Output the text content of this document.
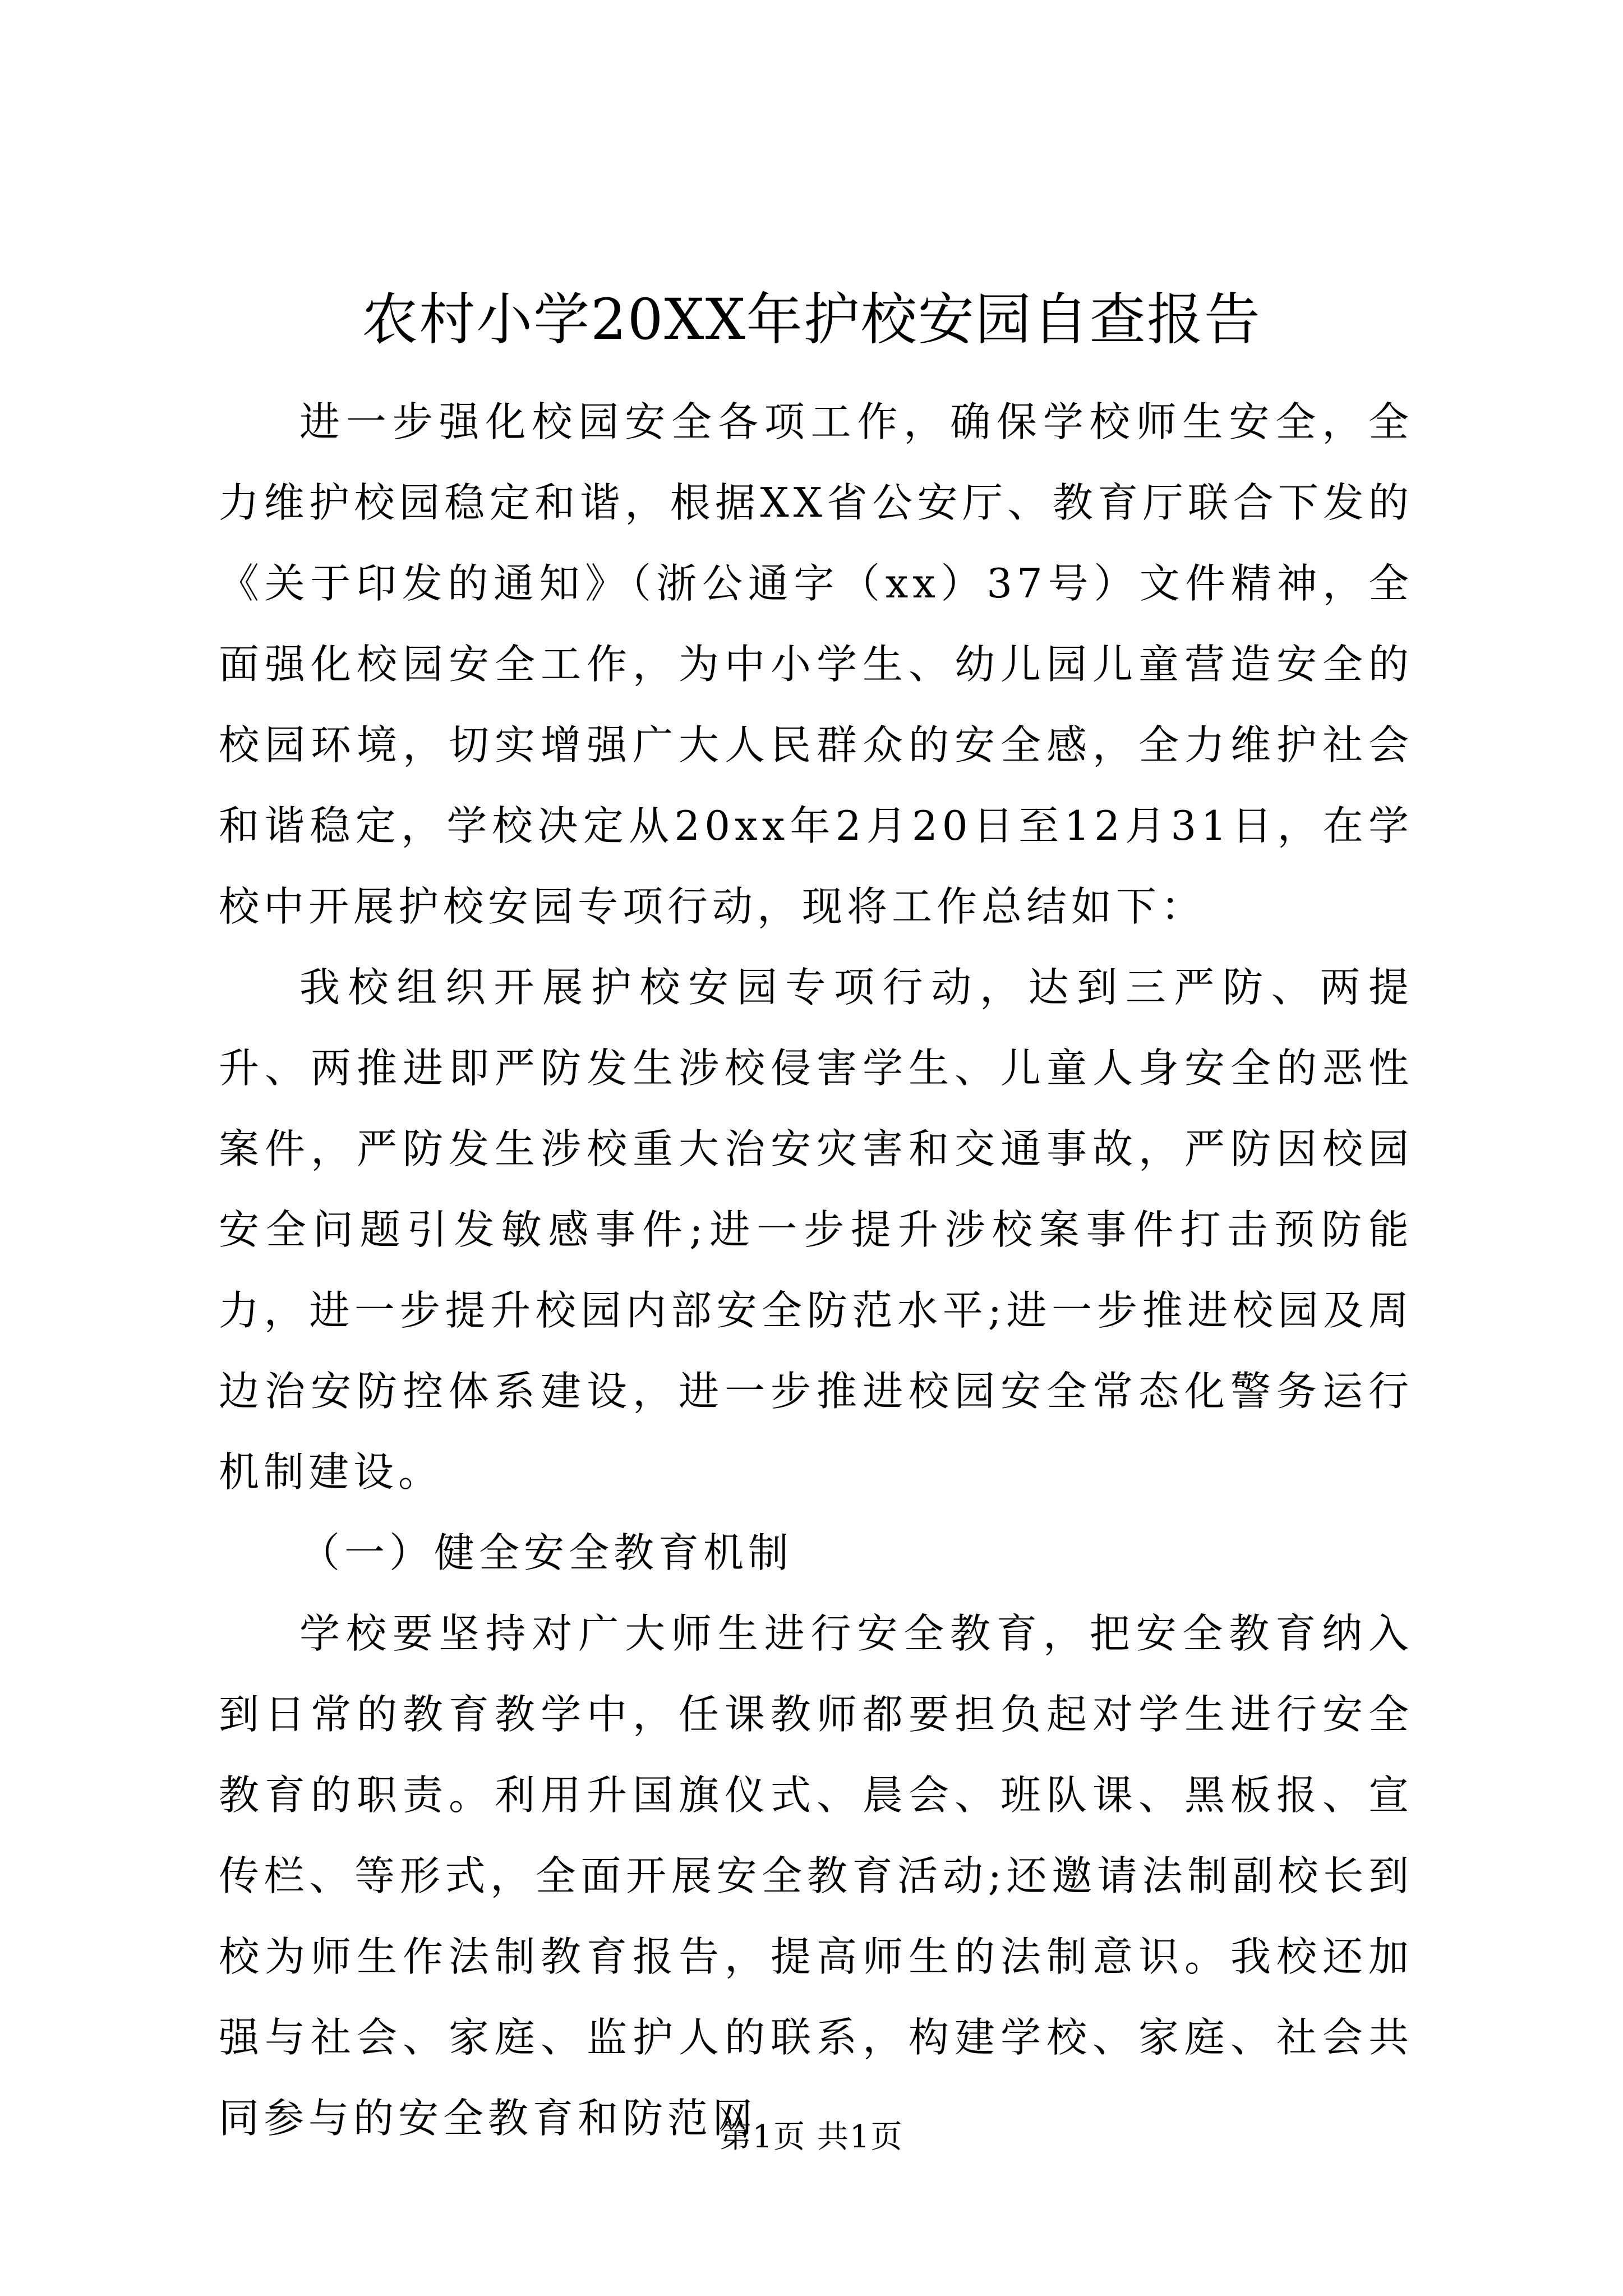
农村小学20XX年护校安园自查报告

进一步强化校园安全各项工作，确保学校师生安全，全力维护校园稳定和谐，根据XX省公安厅、教育厅联合下发的《关于印发的通知》（浙公通字（xx）37号）文件精神，全面强化校园安全工作，为中小学生、幼儿园儿童营造安全的校园环境，切实增强广大人民群众的安全感，全力维护社会和谐稳定，学校决定从20xx年2月20日至12月31日，在学校中开展护校安园专项行动，现将工作总结如下：

我校组织开展护校安园专项行动，达到三严防、两提升、两推进即严防发生涉校侵害学生、儿童人身安全的恶性案件，严防发生涉校重大治安灾害和交通事故，严防因校园安全问题引发敏感事件;进一步提升涉校案事件打击预防能力，进一步提升校园内部安全防范水平;进一步推进校园及周边治安防控体系建设，进一步推进校园安全常态化警务运行机制建设。

（一）健全安全教育机制

学校要坚持对广大师生进行安全教育，把安全教育纳入到日常的教育教学中，任课教师都要担负起对学生进行安全教育的职责。利用升国旗仪式、晨会、班队课、黑板报、宣传栏、等形式，全面开展安全教育活动;还邀请法制副校长到校为师生作法制教育报告，提高师生的法制意识。我校还加强与社会、家庭、监护人的联系，构建学校、家庭、社会共同参与的安全教育和防范网

第1页 共1页
